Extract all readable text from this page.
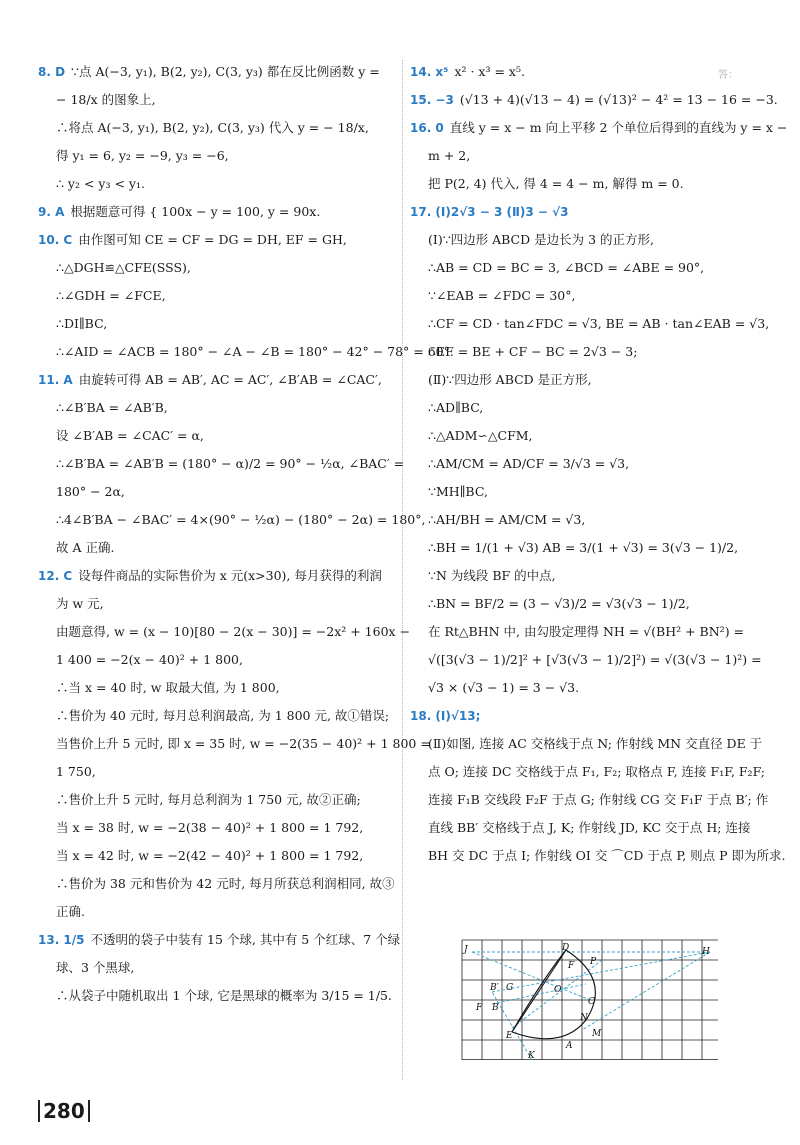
答：
8. D ∵点 A(−3, y₁), B(2, y₂), C(3, y₃) 都在反比例函数 y =
− 18/x 的图象上,
∴将点 A(−3, y₁), B(2, y₂), C(3, y₃) 代入 y = − 18/x,
得 y₁ = 6, y₂ = −9, y₃ = −6,
∴ y₂ < y₃ < y₁.
9. A 根据题意可得 { 100x − y = 100, y = 90x.
10. C 由作图可知 CE = CF = DG = DH, EF = GH,
∴△DGH≌△CFE(SSS),
∴∠GDH = ∠FCE,
∴DI∥BC,
∴∠AID = ∠ACB = 180° − ∠A − ∠B = 180° − 42° − 78° = 60°.
11. A 由旋转可得 AB = AB′, AC = AC′, ∠B′AB = ∠CAC′,
∴∠B′BA = ∠AB′B,
设 ∠B′AB = ∠CAC′ = α,
∴∠B′BA = ∠AB′B = (180° − α)/2 = 90° − ½α, ∠BAC′ =
180° − 2α,
∴4∠B′BA − ∠BAC′ = 4×(90° − ½α) − (180° − 2α) = 180°,
故 A 正确.
12. C 设每件商品的实际售价为 x 元(x>30), 每月获得的利润
为 w 元,
由题意得, w = (x − 10)[80 − 2(x − 30)] = −2x² + 160x −
1 400 = −2(x − 40)² + 1 800,
∴当 x = 40 时, w 取最大值, 为 1 800,
∴售价为 40 元时, 每月总利润最高, 为 1 800 元, 故①错误;
当售价上升 5 元时, 即 x = 35 时, w = −2(35 − 40)² + 1 800 =
1 750,
∴售价上升 5 元时, 每月总利润为 1 750 元, 故②正确;
当 x = 38 时, w = −2(38 − 40)² + 1 800 = 1 792,
当 x = 42 时, w = −2(42 − 40)² + 1 800 = 1 792,
∴售价为 38 元和售价为 42 元时, 每月所获总利润相同, 故③
正确.
13. 1/5 不透明的袋子中装有 15 个球, 其中有 5 个红球、7 个绿
球、3 个黑球,
∴从袋子中随机取出 1 个球, 它是黑球的概率为 3/15 = 1/5.
14. x⁵ x² · x³ = x⁵.
15. −3 (√13 + 4)(√13 − 4) = (√13)² − 4² = 13 − 16 = −3.
16. 0 直线 y = x − m 向上平移 2 个单位后得到的直线为 y = x −
m + 2,
把 P(2, 4) 代入, 得 4 = 4 − m, 解得 m = 0.
17. (Ⅰ)2√3 − 3 (Ⅱ)3 − √3
(Ⅰ)∵四边形 ABCD 是边长为 3 的正方形,
∴AB = CD = BC = 3, ∠BCD = ∠ABE = 90°,
∵∠EAB = ∠FDC = 30°,
∴CF = CD · tan∠FDC = √3, BE = AB · tan∠EAB = √3,
∴EF = BE + CF − BC = 2√3 − 3;
(Ⅱ)∵四边形 ABCD 是正方形,
∴AD∥BC,
∴△ADM∽△CFM,
∴AM/CM = AD/CF = 3/√3 = √3,
∵MH∥BC,
∴AH/BH = AM/CM = √3,
∴BH = 1/(1 + √3) AB = 3/(1 + √3) = 3(√3 − 1)/2,
∵N 为线段 BF 的中点,
∴BN = BF/2 = (3 − √3)/2 = √3(√3 − 1)/2,
在 Rt△BHN 中, 由勾股定理得 NH = √(BH² + BN²) =
√([3(√3 − 1)/2]² + [√3(√3 − 1)/2]²) = √(3(√3 − 1)²) =
√3 × (√3 − 1) = 3 − √3.
18. (Ⅰ)√13;
(Ⅱ)如图, 连接 AC 交格线于点 N; 作射线 MN 交直径 DE 于
点 O; 连接 DC 交格线于点 F₁, F₂; 取格点 F, 连接 F₁F, F₂F;
连接 F₁B 交线段 F₂F 于点 G; 作射线 CG 交 F₁F 于点 B′; 作
直线 BB′ 交格线于点 J, K; 作射线 JD, KC 交于点 H; 连接
BH 交 DC 于点 I; 作射线 OI 交 ⌒CD 于点 P, 则点 P 即为所求.
J	H
D
P
F
O
C
B′ G
B
F
N
M
E
A
K
280
